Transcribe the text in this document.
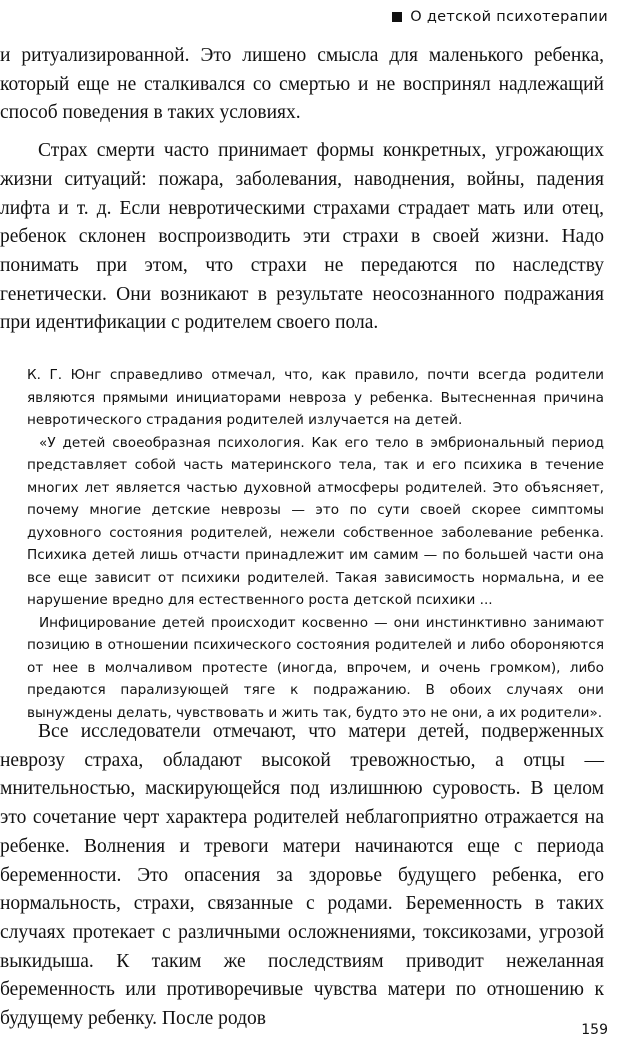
О детской психотерапии

и ритуализированной. Это лишено смысла для маленького ребенка, который еще не сталкивался со смертью и не воспринял надлежащий способ поведения в таких условиях.

Страх смерти часто принимает формы конкретных, угрожающих жизни ситуаций: пожара, заболевания, наводнения, войны, падения лифта и т. д. Если невротическими страхами страдает мать или отец, ребенок склонен воспроизводить эти страхи в своей жизни. Надо понимать при этом, что страхи не передаются по наследству генетически. Они возникают в результате неосознанного подражания при идентификации с родителем своего пола.

К. Г. Юнг справедливо отмечал, что, как правило, почти всегда родители являются прямыми инициаторами невроза у ребенка. Вытесненная причина невротического страдания родителей излучается на детей.

«У детей своеобразная психология. Как его тело в эмбриональный период представляет собой часть материнского тела, так и его психика в течение многих лет является частью духовной атмосферы родителей. Это объясняет, почему многие детские неврозы — это по сути своей скорее симптомы духовного состояния родителей, нежели собственное заболевание ребенка. Психика детей лишь отчасти принадлежит им самим — по большей части она все еще зависит от психики родителей. Такая зависимость нормальна, и ее нарушение вредно для естественного роста детской психики ...

Инфицирование детей происходит косвенно — они инстинктивно занимают позицию в отношении психического состояния родителей и либо обороняются от нее в молчаливом протесте (иногда, впрочем, и очень громком), либо предаются парализующей тяге к подражанию. В обоих случаях они вынуждены делать, чувствовать и жить так, будто это не они, а их родители».

Все исследователи отмечают, что матери детей, подверженных неврозу страха, обладают высокой тревожностью, а отцы — мнительностью, маскирующейся под излишнюю суровость. В целом это сочетание черт характера родителей неблагоприятно отражается на ребенке. Волнения и тревоги матери начинаются еще с периода беременности. Это опасения за здоровье будущего ребенка, его нормальность, страхи, связанные с родами. Беременность в таких случаях протекает с различными осложнениями, токсикозами, угрозой выкидыша. К таким же последствиям приводит нежеланная беременность или противоречивые чувства матери по отношению к будущему ребенку. После родов

159
